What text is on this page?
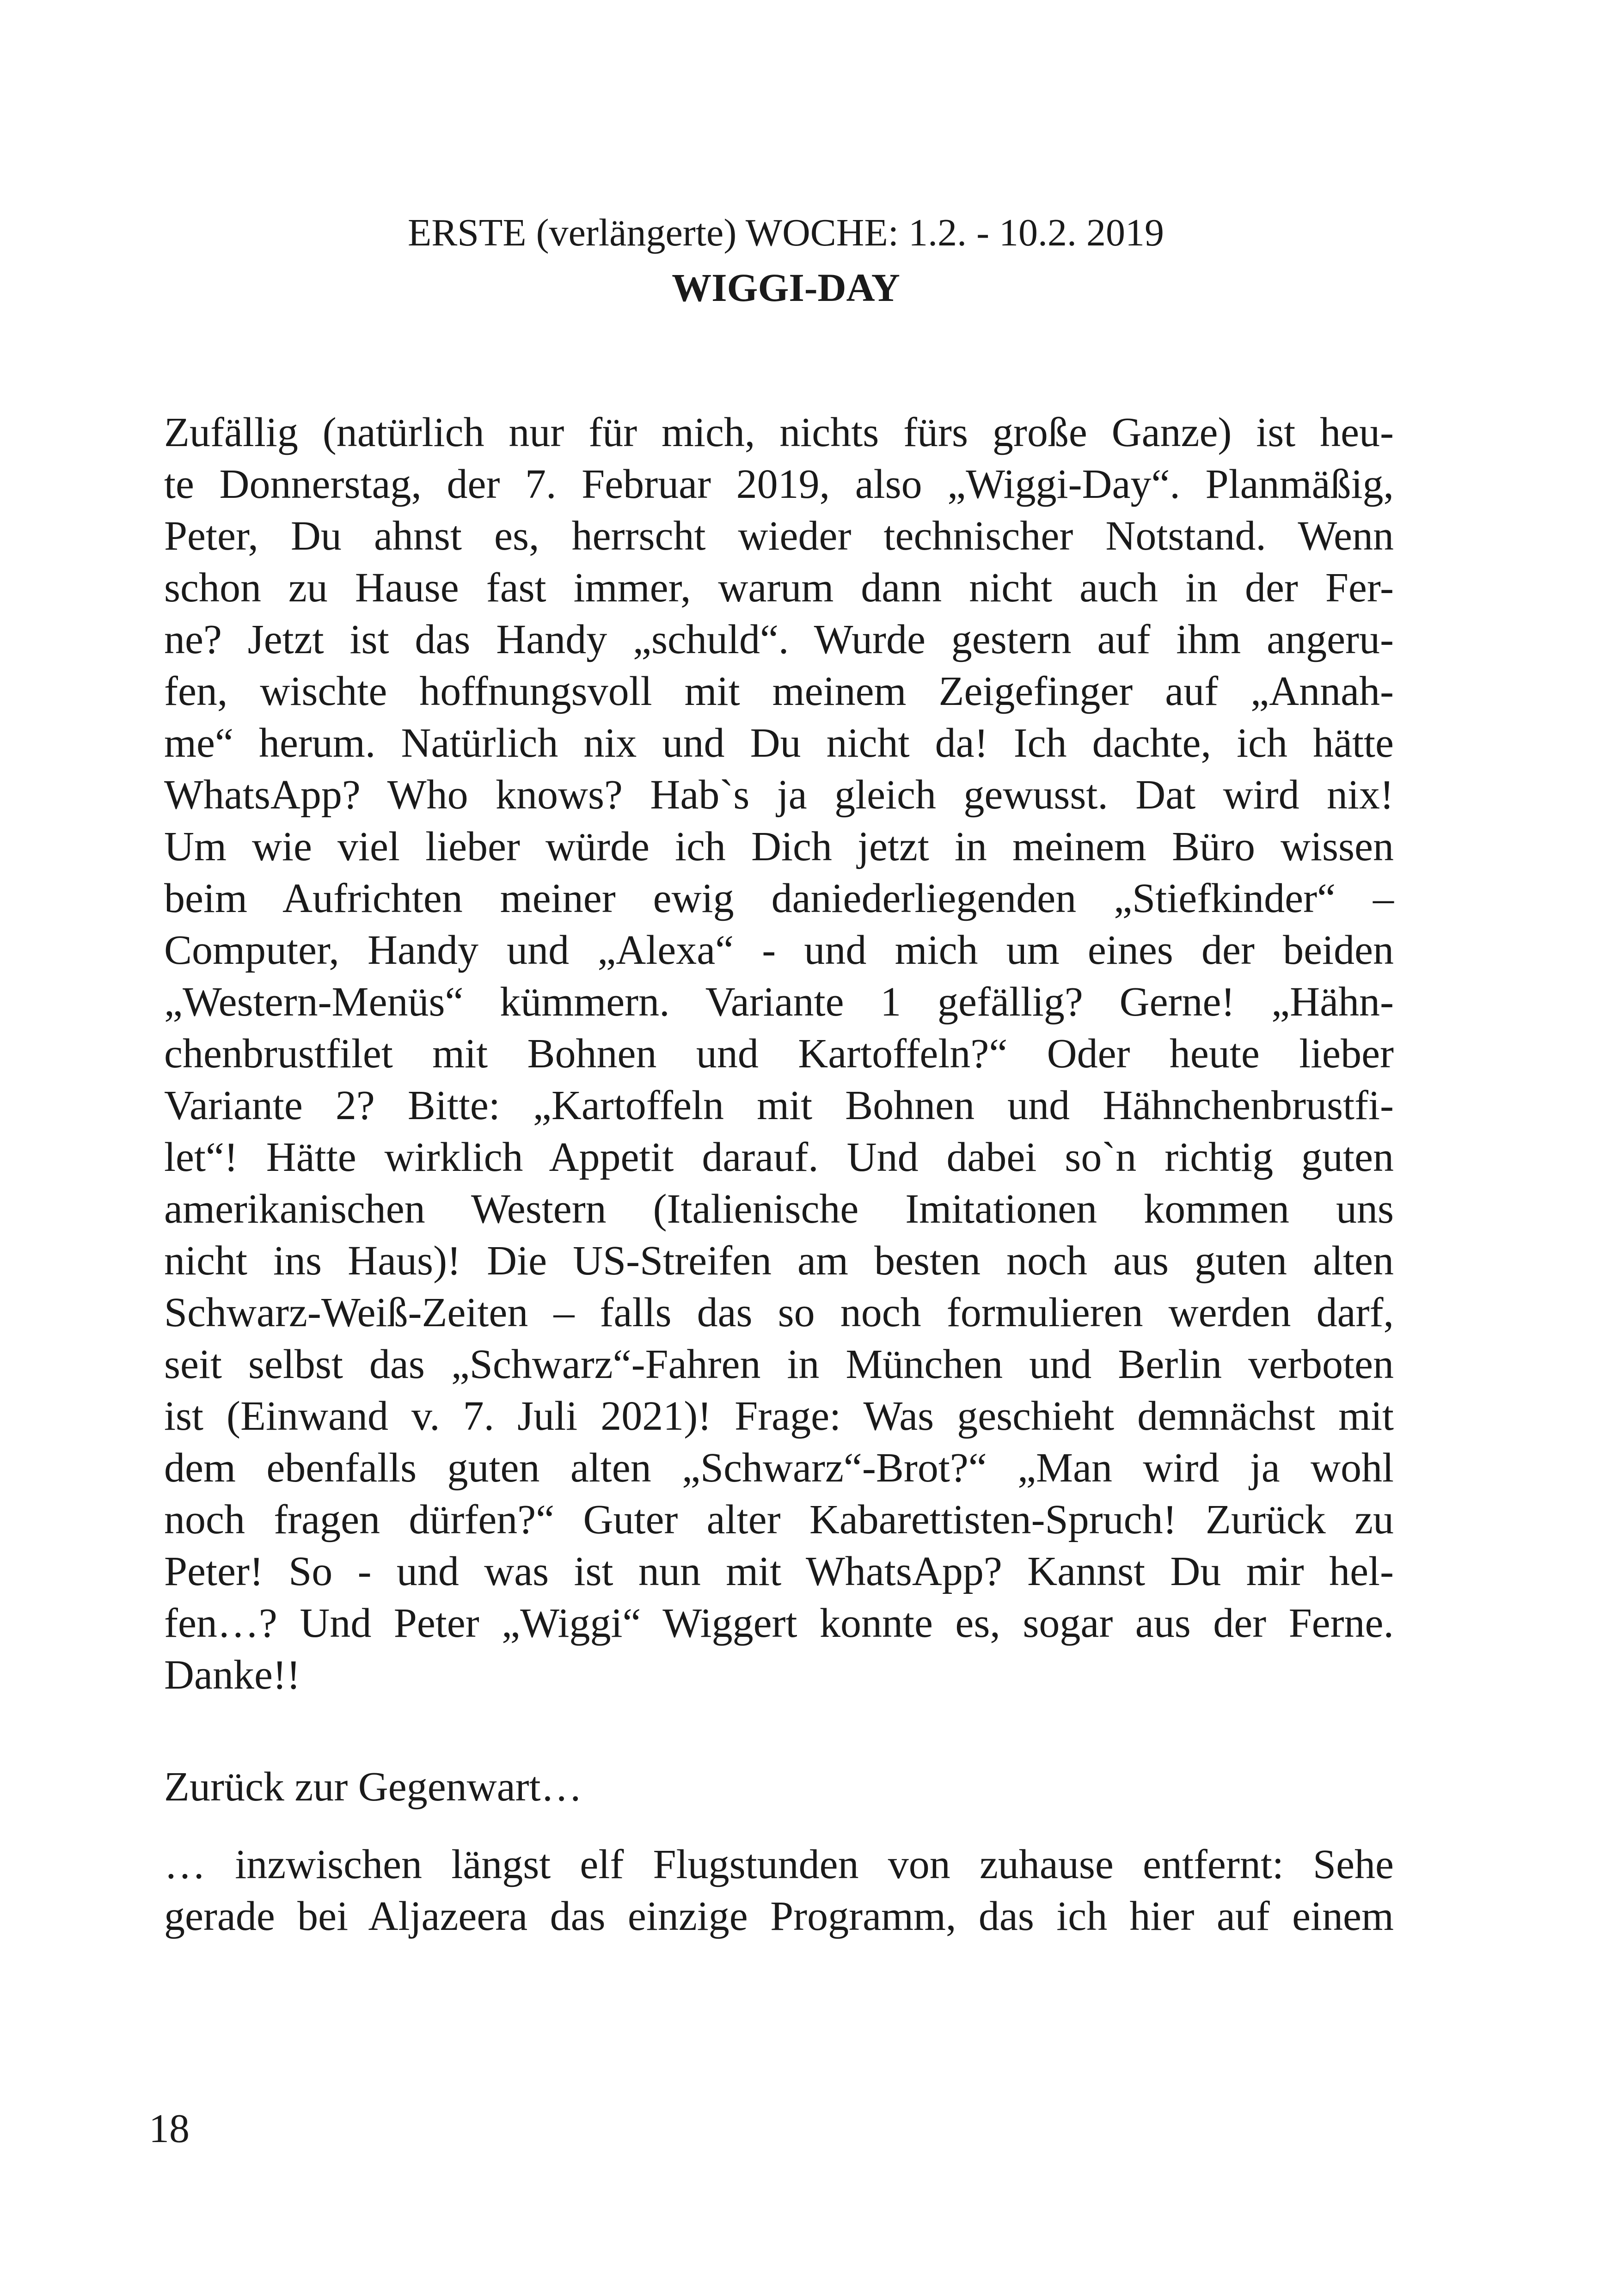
ERSTE (verlängerte) WOCHE: 1.2. - 10.2. 2019
WIGGI-DAY
Zufällig (natürlich nur für mich, nichts fürs große Ganze) ist heu-
te Donnerstag, der 7. Februar 2019, also „Wiggi-Day“. Planmäßig,
Peter, Du ahnst es, herrscht wieder technischer Notstand. Wenn
schon zu Hause fast immer, warum dann nicht auch in der Fer-
ne? Jetzt ist das Handy „schuld“. Wurde gestern auf ihm angeru-
fen, wischte hoffnungsvoll mit meinem Zeigefinger auf „Annah-
me“ herum. Natürlich nix und Du nicht da! Ich dachte, ich hätte
WhatsApp? Who knows? Hab`s ja gleich gewusst. Dat wird nix!
Um wie viel lieber würde ich Dich jetzt in meinem Büro wissen
beim Aufrichten meiner ewig daniederliegenden „Stiefkinder“ –
Computer, Handy und „Alexa“ - und mich um eines der beiden
„Western-Menüs“ kümmern. Variante 1 gefällig? Gerne! „Hähn-
chenbrustfilet mit Bohnen und Kartoffeln?“ Oder heute lieber
Variante 2? Bitte: „Kartoffeln mit Bohnen und Hähnchenbrustfi-
let“! Hätte wirklich Appetit darauf. Und dabei so`n richtig guten
amerikanischen Western (Italienische Imitationen kommen uns
nicht ins Haus)! Die US-Streifen am besten noch aus guten alten
Schwarz-Weiß-Zeiten – falls das so noch formulieren werden darf,
seit selbst das „Schwarz“-Fahren in München und Berlin verboten
ist (Einwand v. 7. Juli 2021)! Frage: Was geschieht demnächst mit
dem ebenfalls guten alten „Schwarz“-Brot?“ „Man wird ja wohl
noch fragen dürfen?“ Guter alter Kabarettisten-Spruch! Zurück zu
Peter! So - und was ist nun mit WhatsApp? Kannst Du mir hel-
fen…? Und Peter „Wiggi“ Wiggert konnte es, sogar aus der Ferne.
Danke!!
Zurück zur Gegenwart…
… inzwischen längst elf Flugstunden von zuhause entfernt: Sehe
gerade bei Aljazeera das einzige Programm, das ich hier auf einem
18
